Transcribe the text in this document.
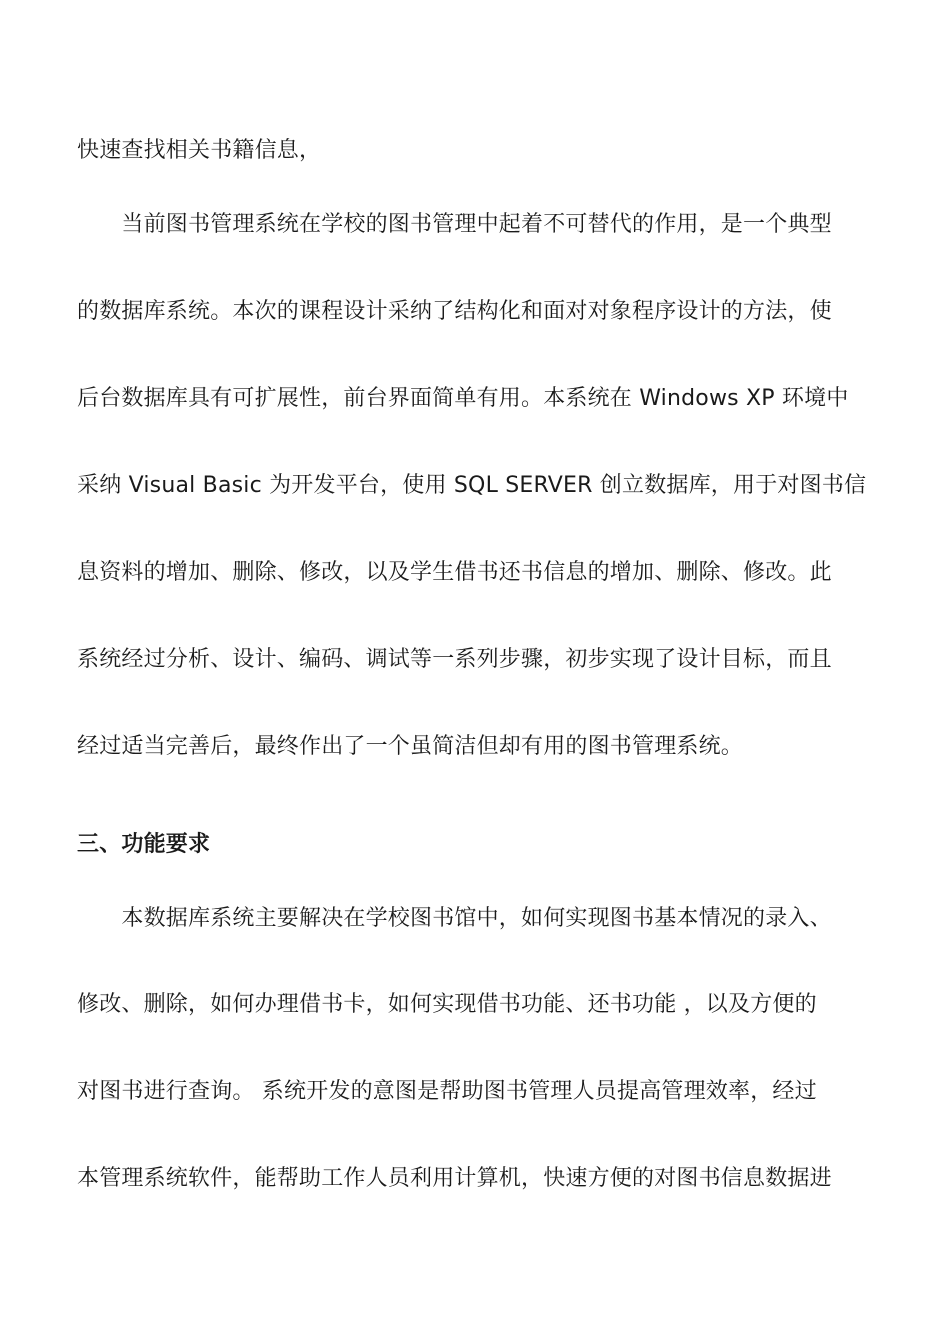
快速查找相关书籍信息，
　　当前图书管理系统在学校的图书管理中起着不可替代的作用，是一个典型
的数据库系统。本次的课程设计采纳了结构化和面对对象程序设计的方法，使
后台数据库具有可扩展性，前台界面简单有用。本系统在 Windows XP 环境中
采纳 Visual Basic 为开发平台，使用 SQL SERVER 创立数据库，用于对图书信
息资料的增加、删除、修改，以及学生借书还书信息的增加、删除、修改。此
系统经过分析、设计、编码、调试等一系列步骤，初步实现了设计目标，而且
经过适当完善后，最终作出了一个虽简洁但却有用的图书管理系统。
三、功能要求
　　本数据库系统主要解决在学校图书馆中，如何实现图书基本情况的录入、
修改、删除，如何办理借书卡，如何实现借书功能、还书功能 ，以及方便的
对图书进行查询。 系统开发的意图是帮助图书管理人员提高管理效率，经过
本管理系统软件，能帮助工作人员利用计算机，快速方便的对图书信息数据进
